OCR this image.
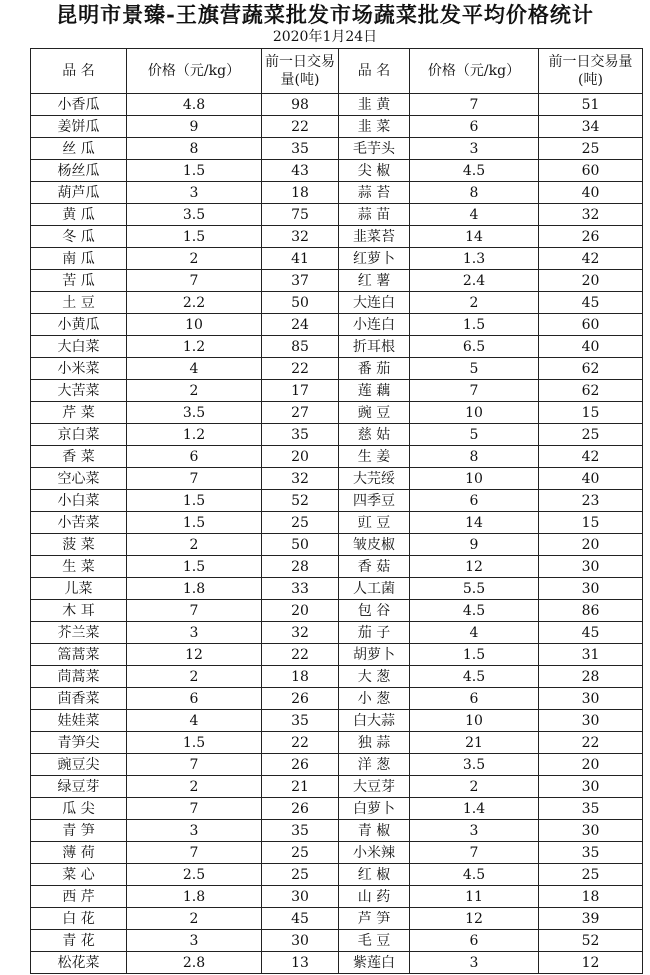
昆明市景臻-王旗营蔬菜批发市场蔬菜批发平均价格统计
2020年1月24日
品 名	价格（元/kg）	前一日交易量(吨)	品 名	价格（元/kg）	前一日交易量(吨)
小香瓜	4.8	98	韭 黄	7	51
姜饼瓜	9	22	韭 菜	6	34
丝 瓜	8	35	毛芋头	3	25
杨丝瓜	1.5	43	尖 椒	4.5	60
葫芦瓜	3	18	蒜 苔	8	40
黄 瓜	3.5	75	蒜 苗	4	32
冬 瓜	1.5	32	韭菜苔	14	26
南 瓜	2	41	红萝卜	1.3	42
苦 瓜	7	37	红 薯	2.4	20
土 豆	2.2	50	大连白	2	45
小黄瓜	10	24	小连白	1.5	60
大白菜	1.2	85	折耳根	6.5	40
小米菜	4	22	番 茄	5	62
大苦菜	2	17	莲 藕	7	62
芹 菜	3.5	27	豌 豆	10	15
京白菜	1.2	35	慈 姑	5	25
香 菜	6	20	生 姜	8	42
空心菜	7	32	大芫绥	10	40
小白菜	1.5	52	四季豆	6	23
小苦菜	1.5	25	豇 豆	14	15
菠 菜	2	50	皱皮椒	9	20
生 菜	1.5	28	香 菇	12	30
儿菜	1.8	33	人工菌	5.5	30
木 耳	7	20	包 谷	4.5	86
芥兰菜	3	32	茄 子	4	45
篙蒿菜	12	22	胡萝卜	1.5	31
茼蒿菜	2	18	大 葱	4.5	28
茴香菜	6	26	小 葱	6	30
娃娃菜	4	35	白大蒜	10	30
青笋尖	1.5	22	独 蒜	21	22
豌豆尖	7	26	洋 葱	3.5	20
绿豆芽	2	21	大豆芽	2	30
瓜 尖	7	26	白萝卜	1.4	35
青 笋	3	35	青 椒	3	30
薄 荷	7	25	小米辣	7	35
菜 心	2.5	25	红 椒	4.5	25
西 芹	1.8	30	山 药	11	18
白 花	2	45	芦 笋	12	39
青 花	3	30	毛 豆	6	52
松花菜	2.8	13	紫莲白	3	12
